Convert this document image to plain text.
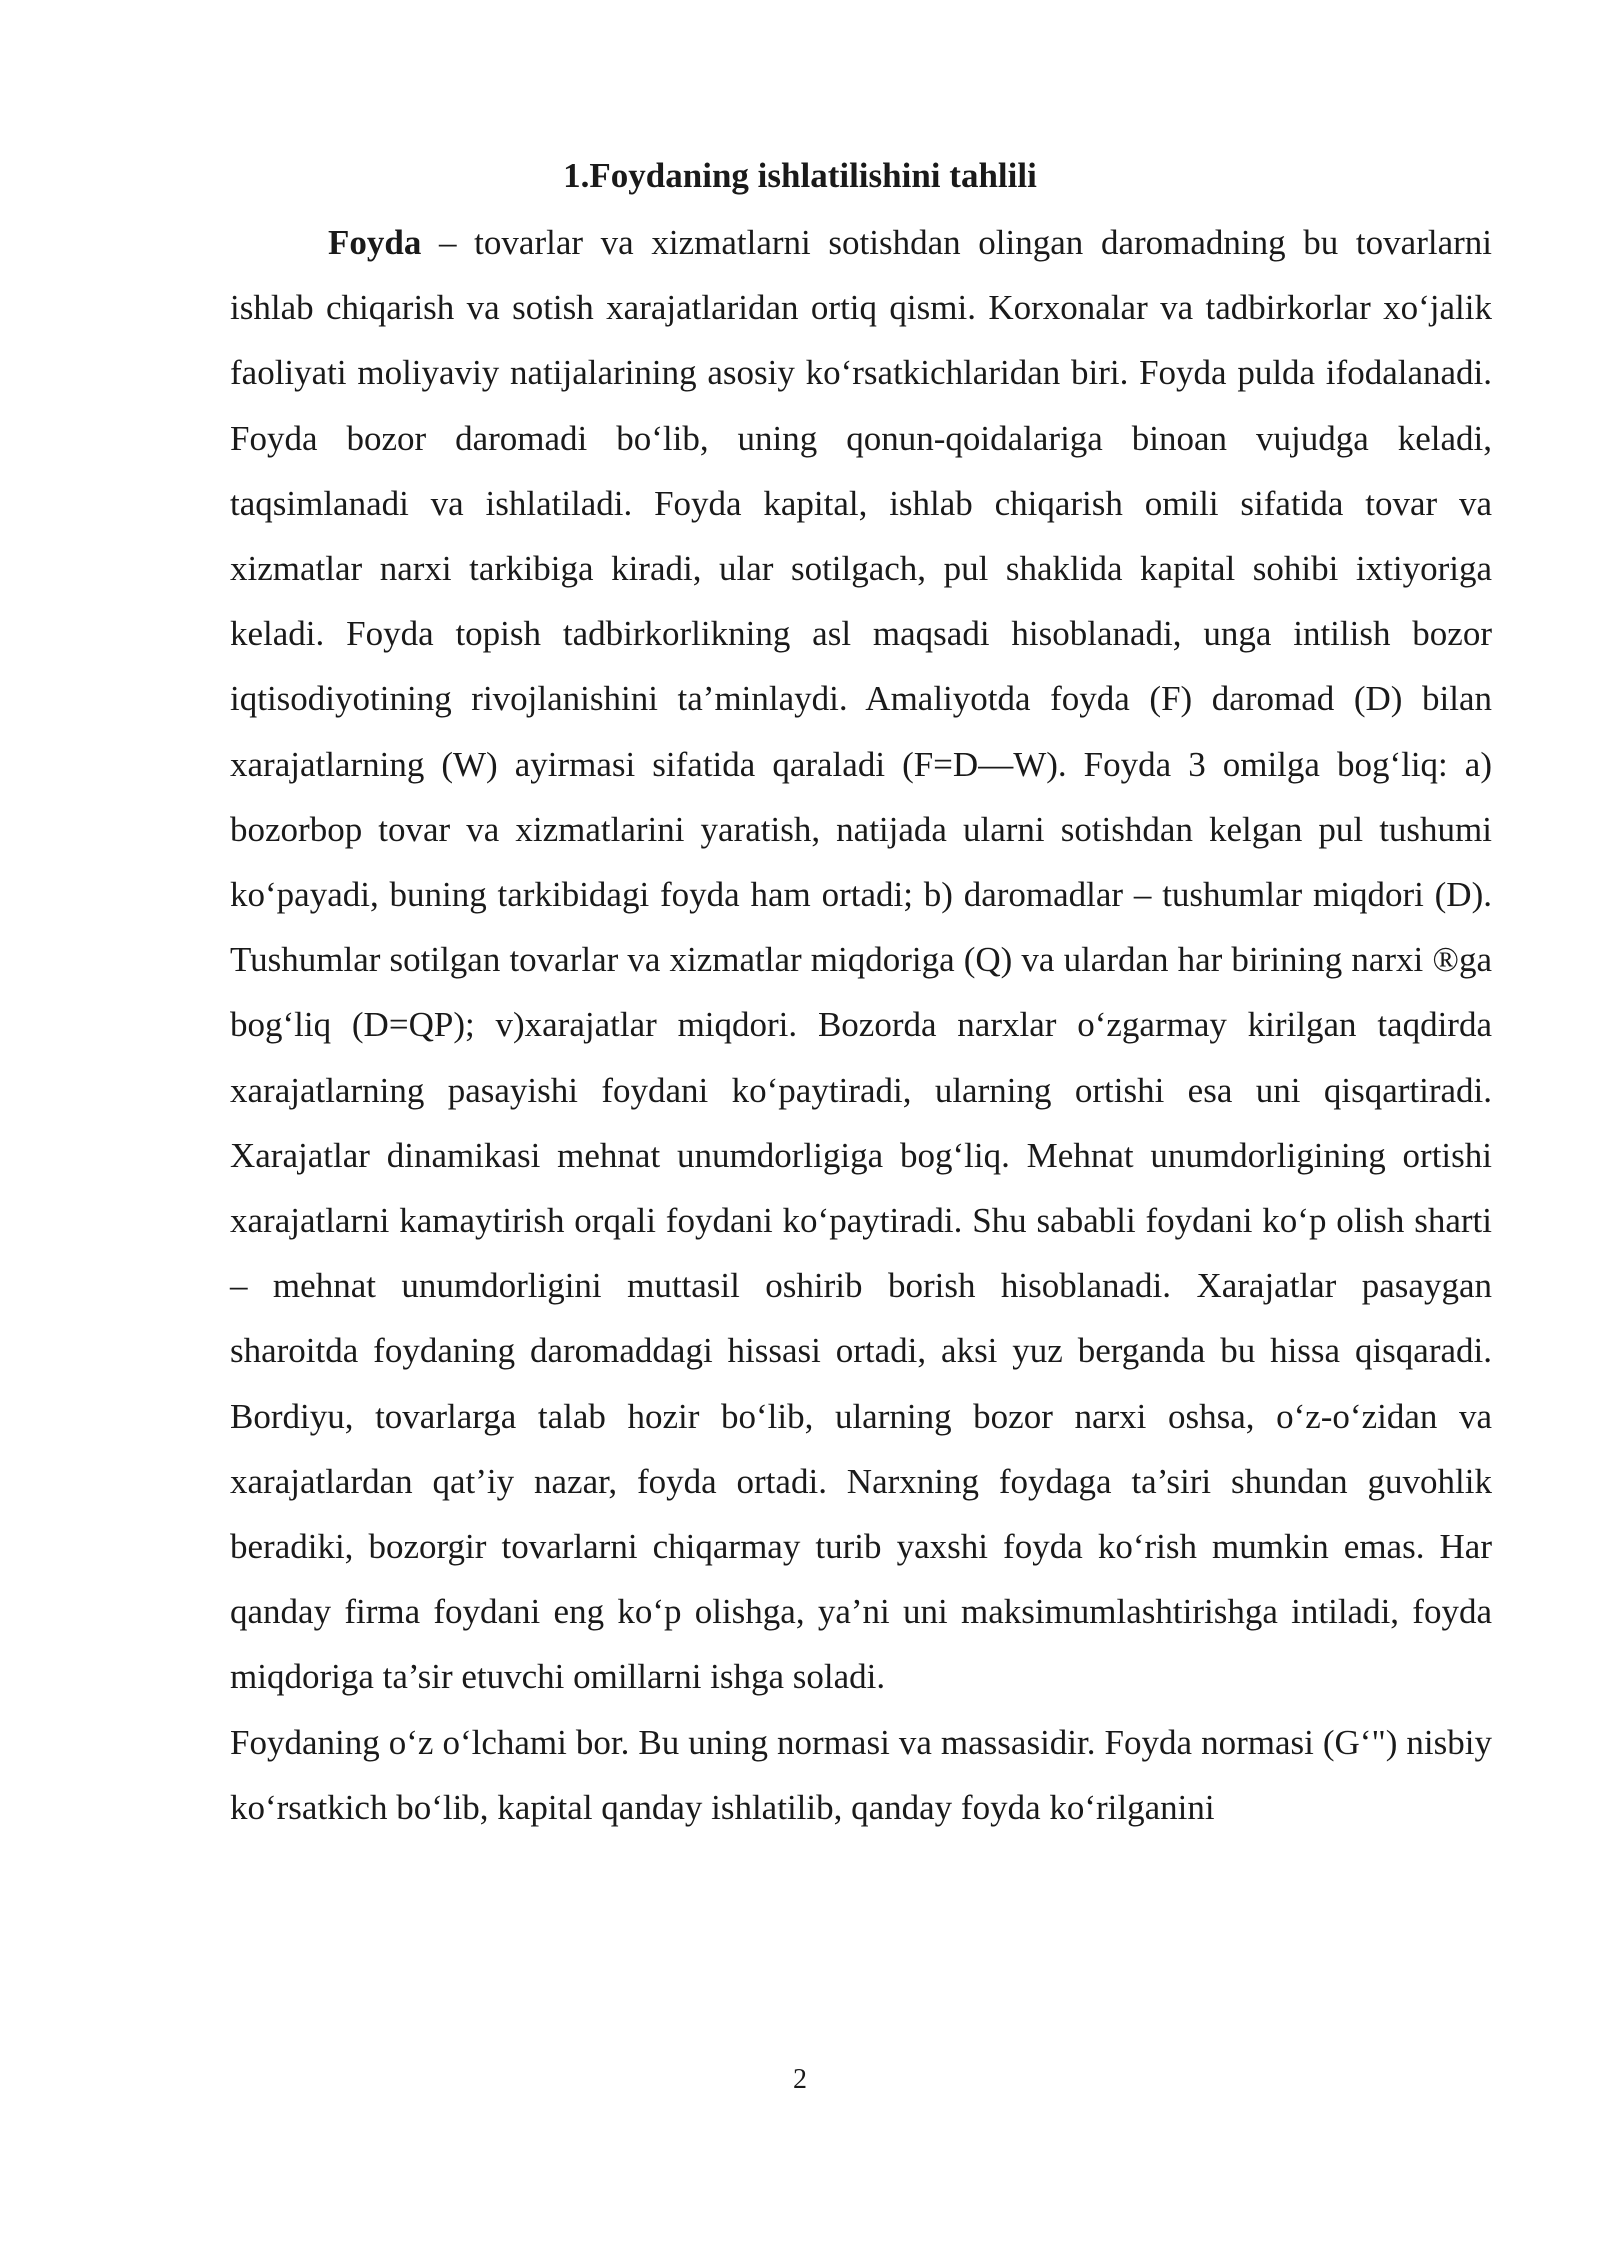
1.Foydaning ishlatilishini tahlili

Foyda – tovarlar va xizmatlarni sotishdan olingan daromadning bu tovarlarni ishlab chiqarish va sotish xarajatlaridan ortiq qismi. Korxonalar va tadbirkorlar xo‘jalik faoliyati moliyaviy natijalarining asosiy ko‘rsatkichlaridan biri. Foyda pulda ifodalanadi. Foyda bozor daromadi bo‘lib, uning qonun-qoidalariga binoan vujudga keladi, taqsimlanadi va ishlatiladi. Foyda kapital, ishlab chiqarish omili sifatida tovar va xizmatlar narxi tarkibiga kiradi, ular sotilgach, pul shaklida kapital sohibi ixtiyoriga keladi. Foyda topish tadbirkorlikning asl maqsadi hisoblanadi, unga intilish bozor iqtisodiyotining rivojlanishini ta’minlaydi. Amaliyotda foyda (F) daromad (D) bilan xarajatlarning (W) ayirmasi sifatida qaraladi (F=D—W). Foyda 3 omilga bog‘liq: a) bozorbop tovar va xizmatlarini yaratish, natijada ularni sotishdan kelgan pul tushumi ko‘payadi, buning tarkibidagi foyda ham ortadi; b) daromadlar – tushumlar miqdori (D). Tushumlar sotilgan tovarlar va xizmatlar miqdoriga (Q) va ulardan har birining narxi ®ga bog‘liq (D=QP); v)xarajatlar miqdori. Bozorda narxlar o‘zgarmay kirilgan taqdirda xarajatlarning pasayishi foydani ko‘paytiradi, ularning ortishi esa uni qisqartiradi. Xarajatlar dinamikasi mehnat unumdorligiga bog‘liq. Mehnat unumdorligining ortishi xarajatlarni kamaytirish orqali foydani ko‘paytiradi. Shu sababli foydani ko‘p olish sharti – mehnat unumdorligini muttasil oshirib borish hisoblanadi. Xarajatlar pasaygan sharoitda foydaning daromaddagi hissasi ortadi, aksi yuz berganda bu hissa qisqaradi. Bordiyu, tovarlarga talab hozir bo‘lib, ularning bozor narxi oshsa, o‘z-o‘zidan va xarajatlardan qat’iy nazar, foyda ortadi. Narxning foydaga ta’siri shundan guvohlik beradiki, bozorgir tovarlarni chiqarmay turib yaxshi foyda ko‘rish mumkin emas. Har qanday firma foydani eng ko‘p olishga, ya’ni uni maksimumlashtirishga intiladi, foyda miqdoriga ta’sir etuvchi omillarni ishga soladi.

Foydaning o‘z o‘lchami bor. Bu uning normasi va massasidir. Foyda normasi (G‘") nisbiy ko‘rsatkich bo‘lib, kapital qanday ishlatilib, qanday foyda ko‘rilganini

2
